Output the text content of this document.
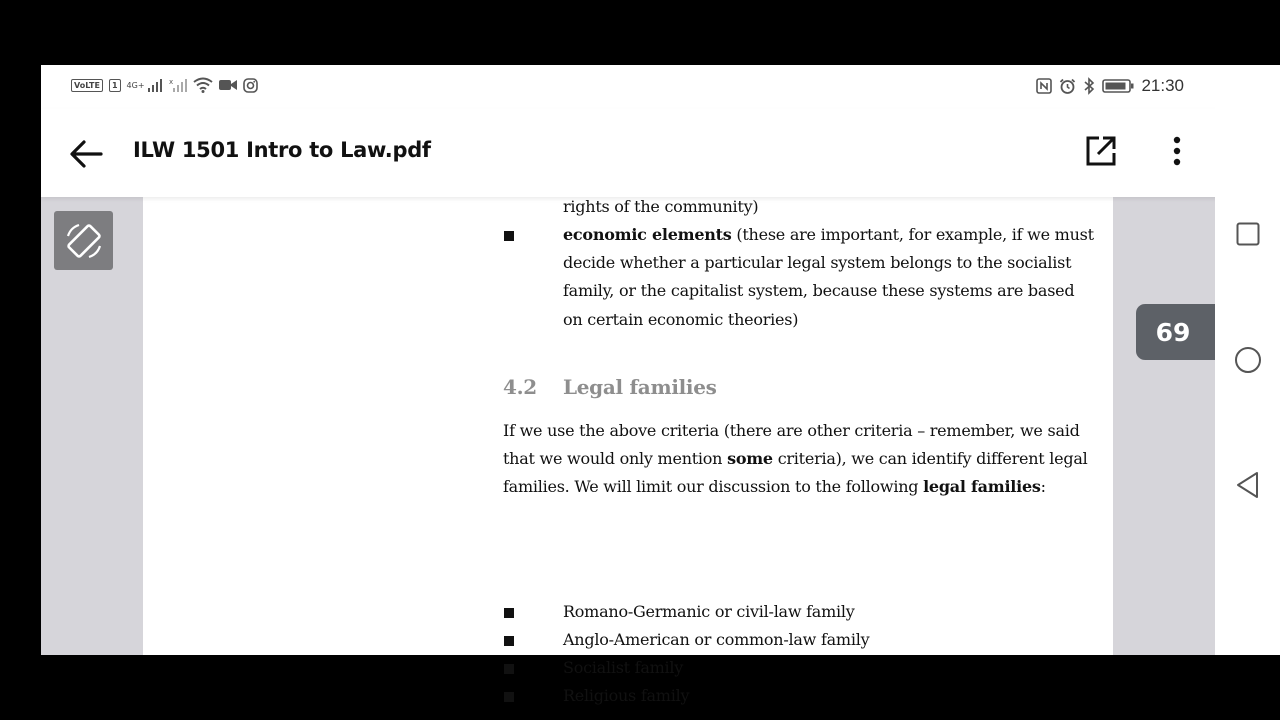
VoLTE	1	4G+	x	21:30
ILW 1501 Intro to Law.pdf
rights of the community)
economic elements (these are important, for example, if we must
decide whether a particular legal system belongs to the socialist
family, or the capitalist system, because these systems are based
on certain economic theories)
4.2 Legal families
If we use the above criteria (there are other criteria – remember, we said
that we would only mention some criteria), we can identify different legal
families. We will limit our discussion to the following legal families:
Romano-Germanic or civil-law family
Anglo-American or common-law family
Socialist family
Religious family
69
